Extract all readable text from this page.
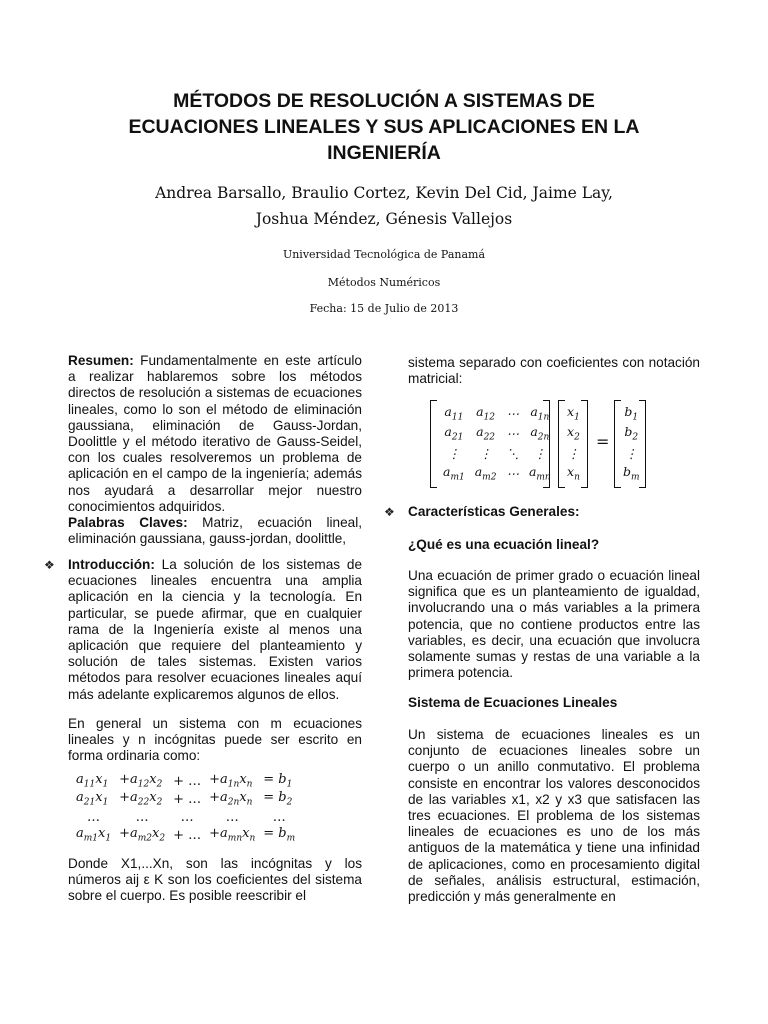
MÉTODOS DE RESOLUCIÓN A SISTEMAS DE
ECUACIONES LINEALES Y SUS APLICACIONES EN LA
INGENIERÍA
Andrea Barsallo, Braulio Cortez, Kevin Del Cid, Jaime Lay,
Joshua Méndez, Génesis Vallejos
Universidad Tecnológica de Panamá
Métodos Numéricos
Fecha: 15 de Julio de 2013

Resumen: Fundamentalmente en este artículo a realizar hablaremos sobre los métodos directos de resolución a sistemas de ecuaciones lineales, como lo son el método de eliminación gaussiana, eliminación de Gauss-Jordan, Doolittle y el método iterativo de Gauss-Seidel, con los cuales resolveremos un problema de aplicación en el campo de la ingeniería; además nos ayudará a desarrollar mejor nuestro conocimientos adquiridos.
Palabras Claves: Matriz, ecuación lineal, eliminación gaussiana, gauss-jordan, doolittle,

❖ Introducción: La solución de los sistemas de ecuaciones lineales encuentra una amplia aplicación en la ciencia y la tecnología. En particular, se puede afirmar, que en cualquier rama de la Ingeniería existe al menos una aplicación que requiere del planteamiento y solución de tales sistemas. Existen varios métodos para resolver ecuaciones lineales aquí más adelante explicaremos algunos de ellos.

En general un sistema con m ecuaciones lineales y n incógnitas puede ser escrito en forma ordinaria como:

$a_{11}x_1$	$+a_{12}x_2$	+ …	$+a_{1n}x_n$	= $b_1$
$a_{21}x_1$	$+a_{22}x_2$	+ …	$+a_{2n}x_n$	= $b_2$
…	…	…	…	…
$a_{m1}x_1$	$+a_{m2}x_2$	+ …	$+a_{mn}x_n$	= $b_m$

Donde X1,...Xn, son las incógnitas y los números aij ε K son los coeficientes del sistema sobre el cuerpo. Es posible reescribir el

sistema separado con coeficientes con notación matricial:

$a_{11}$	$a_{12}$	⋯	$a_{1n}$
$a_{21}$	$a_{22}$	⋯	$a_{2n}$
⋮	⋮	⋱	⋮
$a_{m1}$	$a_{m2}$	⋯	$a_{mn}$
$x_1$
$x_2$
⋮
$x_n$
=
$b_1$
$b_2$
⋮
$b_m$
❖ Características Generales:

¿Qué es una ecuación lineal?

Una ecuación de primer grado o ecuación lineal significa que es un planteamiento de igualdad, involucrando una o más variables a la primera potencia, que no contiene productos entre las variables, es decir, una ecuación que involucra solamente sumas y restas de una variable a la primera potencia.

Sistema de Ecuaciones Lineales

Un sistema de ecuaciones lineales es un conjunto de ecuaciones lineales sobre un cuerpo o un anillo conmutativo. El problema consiste en encontrar los valores desconocidos de las variables x1, x2 y x3 que satisfacen las tres ecuaciones. El problema de los sistemas lineales de ecuaciones es uno de los más antiguos de la matemática y tiene una infinidad de aplicaciones, como en procesamiento digital de señales, análisis estructural, estimación, predicción y más generalmente en
